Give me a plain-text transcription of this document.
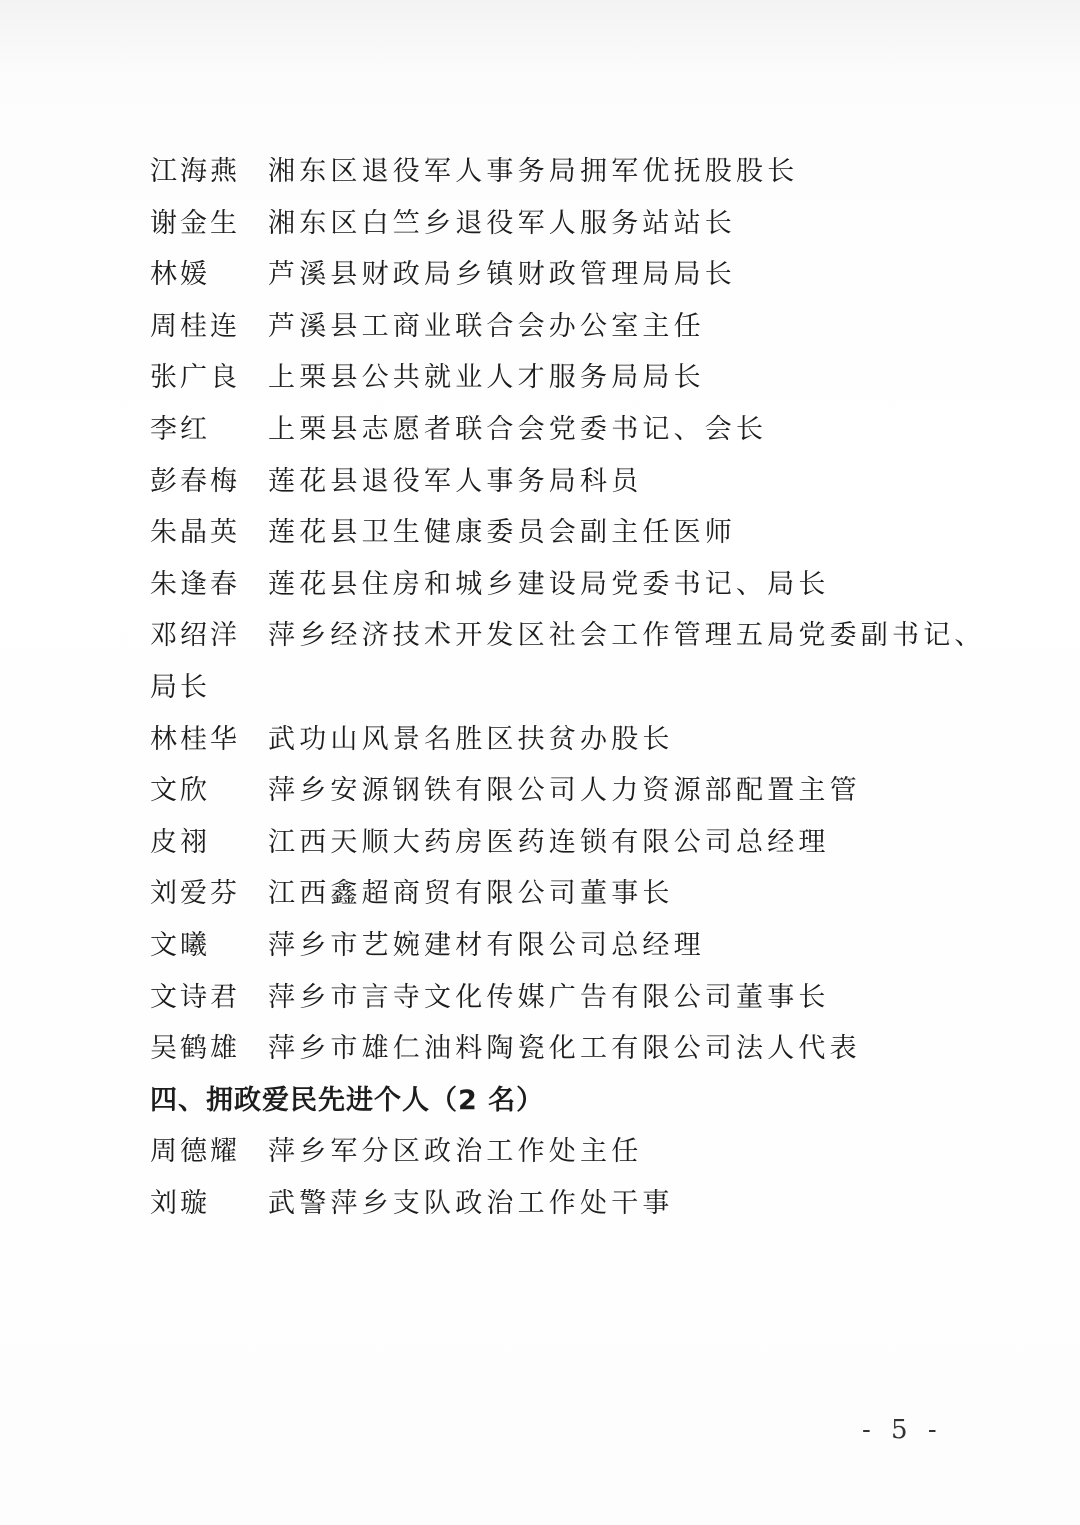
江海燕	湘东区退役军人事务局拥军优抚股股长
谢金生	湘东区白竺乡退役军人服务站站长
林媛	芦溪县财政局乡镇财政管理局局长
周桂连	芦溪县工商业联合会办公室主任
张广良	上栗县公共就业人才服务局局长
李红	上栗县志愿者联合会党委书记、会长
彭春梅	莲花县退役军人事务局科员
朱晶英	莲花县卫生健康委员会副主任医师
朱逢春	莲花县住房和城乡建设局党委书记、局长
邓绍洋	萍乡经济技术开发区社会工作管理五局党委副书记、
局长
林桂华	武功山风景名胜区扶贫办股长
文欣	萍乡安源钢铁有限公司人力资源部配置主管
皮祤	江西天顺大药房医药连锁有限公司总经理
刘爱芬	江西鑫超商贸有限公司董事长
文曦	萍乡市艺婉建材有限公司总经理
文诗君	萍乡市言寺文化传媒广告有限公司董事长
吴鹤雄	萍乡市雄仁油料陶瓷化工有限公司法人代表
四、拥政爱民先进个人（2 名）
周德耀	萍乡军分区政治工作处主任
刘璇	武警萍乡支队政治工作处干事
- 5 -
